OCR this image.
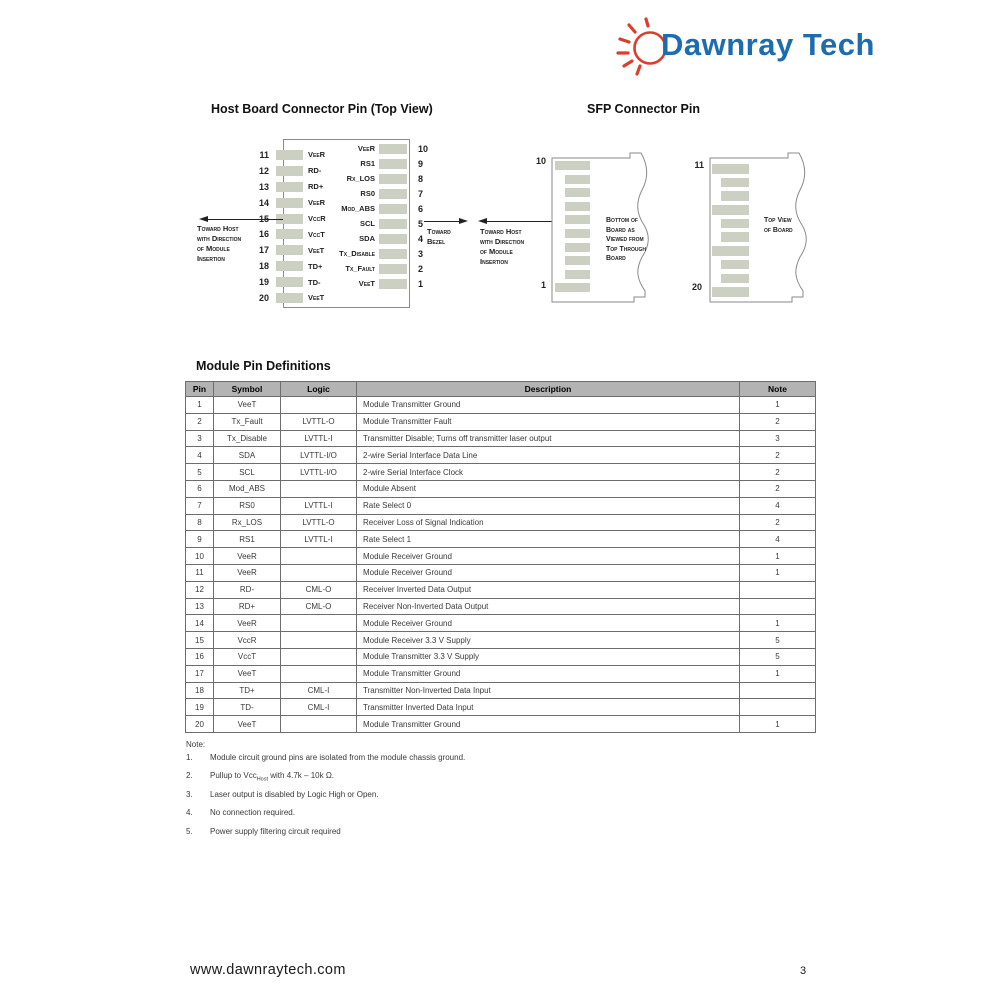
Dawnray Tech
Host Board Connector Pin (Top View)	SFP Connector Pin
11	VeeR
12	RD-
13	RD+
14	VeeR
15	VccR
16	VccT
17	VeeT
18	TD+
19	TD-
20	VeeT
VeeR	10
RS1	9
Rx_LOS	8
RS0	7
Mod_ABS	6
SCL	5
SDA	4
Tx_Disable	3
Tx_Fault	2
VeeT	1
Toward Host
with Direction
of Module
Insertion
Toward
Bezel
Toward Host
with Direction
of Module
Insertion
10
1
Bottom of
Board as
Viewed from
Top Through
Board
11
20
Top View
of Board
Module Pin Definitions
Pin	Symbol	Logic	Description	Note
1	VeeT		Module Transmitter Ground	1
2	Tx_Fault	LVTTL-O	Module Transmitter Fault	2
3	Tx_Disable	LVTTL-I	Transmitter Disable; Turns off transmitter laser output	3
4	SDA	LVTTL-I/O	2-wire Serial Interface Data Line	2
5	SCL	LVTTL-I/O	2-wire Serial Interface Clock	2
6	Mod_ABS		Module Absent	2
7	RS0	LVTTL-I	Rate Select 0	4
8	Rx_LOS	LVTTL-O	Receiver Loss of Signal Indication	2
9	RS1	LVTTL-I	Rate Select 1	4
10	VeeR		Module Receiver Ground	1
11	VeeR		Module Receiver Ground	1
12	RD-	CML-O	Receiver Inverted Data Output	
13	RD+	CML-O	Receiver Non-Inverted Data Output	
14	VeeR		Module Receiver Ground	1
15	VccR		Module Receiver 3.3 V Supply	5
16	VccT		Module Transmitter 3.3 V Supply	5
17	VeeT		Module Transmitter Ground	1
18	TD+	CML-I	Transmitter Non-Inverted Data Input	
19	TD-	CML-I	Transmitter Inverted Data Input	
20	VeeT		Module Transmitter Ground	1
Note:
1.	Module circuit ground pins are isolated from the module chassis ground.
2.	Pullup to Vcc$_{Host}$ with 4.7k – 10k Ω.
3.	Laser output is disabled by Logic High or Open.
4.	No connection required.
5.	Power supply filtering circuit required
www.dawnraytech.com	3
